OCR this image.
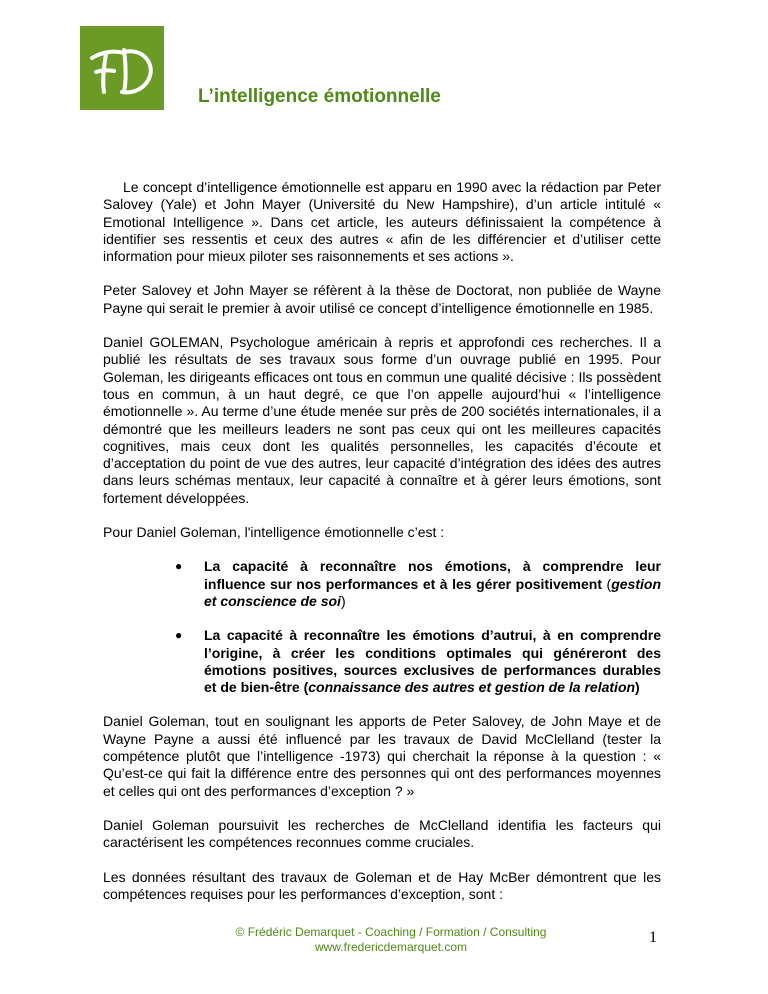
L’intelligence émotionnelle

Le concept d’intelligence émotionnelle est apparu en 1990 avec la rédaction par Peter Salovey (Yale) et John Mayer (Université du New Hampshire), d’un article intitulé « Emotional Intelligence ». Dans cet article, les auteurs définissaient la compétence à identifier ses ressentis et ceux des autres « afin de les différencier et d’utiliser cette information pour mieux piloter ses raisonnements et ses actions ».

Peter Salovey et John Mayer se réfèrent à la thèse de Doctorat, non publiée de Wayne Payne qui serait le premier à avoir utilisé ce concept d’intelligence émotionnelle en 1985.

Daniel GOLEMAN, Psychologue américain à repris et approfondi ces recherches. Il a publié les résultats de ses travaux sous forme d’un ouvrage publié en 1995. Pour Goleman, les dirigeants efficaces ont tous en commun une qualité décisive : Ils possèdent tous en commun, à un haut degré, ce que l’on appelle aujourd’hui « l’intelligence émotionnelle ». Au terme d’une étude menée sur près de 200 sociétés internationales, il a démontré que les meilleurs leaders ne sont pas ceux qui ont les meilleures capacités cognitives, mais ceux dont les qualités personnelles, les capacités d’écoute et d’acceptation du point de vue des autres, leur capacité d’intégration des idées des autres dans leurs schémas mentaux, leur capacité à connaître et à gérer leurs émotions, sont fortement développées.

Pour Daniel Goleman, l'intelligence émotionnelle c’est :

● La capacité à reconnaître nos émotions, à comprendre leur influence sur nos performances et à les gérer positivement (gestion et conscience de soi)
● La capacité à reconnaître les émotions d’autrui, à en comprendre l’origine, à créer les conditions optimales qui généreront des émotions positives, sources exclusives de performances durables et de bien-être (connaissance des autres et gestion de la relation)

Daniel Goleman, tout en soulignant les apports de Peter Salovey, de John Maye et de Wayne Payne a aussi été influencé par les travaux de David McClelland (tester la compétence plutôt que l’intelligence -1973) qui cherchait la réponse à la question : « Qu’est-ce qui fait la différence entre des personnes qui ont des performances moyennes et celles qui ont des performances d’exception ? »

Daniel Goleman poursuivit les recherches de McClelland identifia les facteurs qui caractérisent les compétences reconnues comme cruciales.

Les données résultant des travaux de Goleman et de Hay McBer démontrent que les compétences requises pour les performances d’exception, sont :

© Frédéric Demarquet - Coaching / Formation / Consulting
www.fredericdemarquet.com
1
